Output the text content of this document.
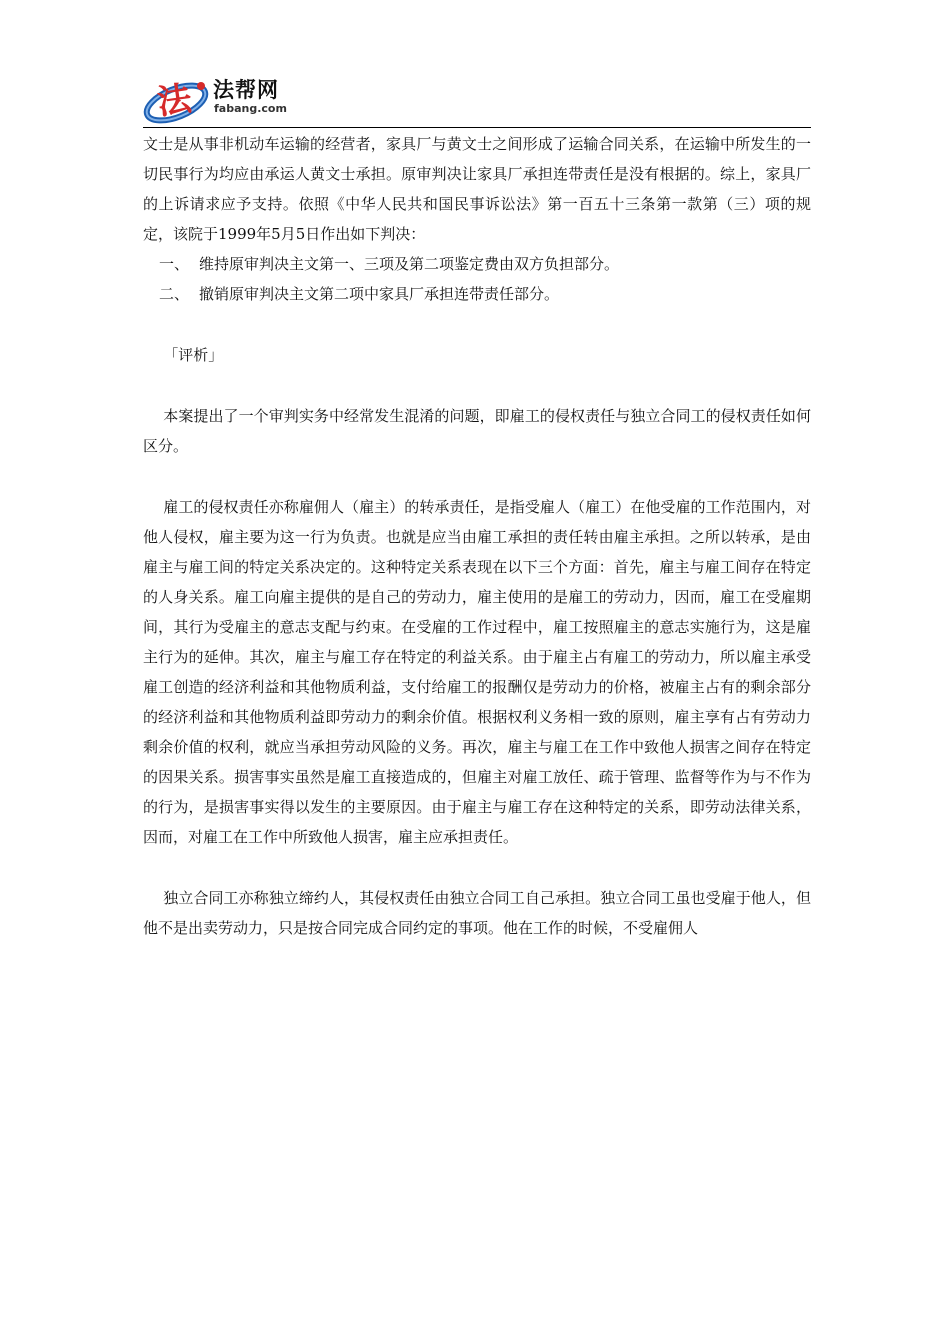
法 法帮网
fabang.com

文士是从事非机动车运输的经营者，家具厂与黄文士之间形成了运输合同关系，在运输中所发生的一切民事行为均应由承运人黄文士承担。原审判决让家具厂承担连带责任是没有根据的。综上，家具厂的上诉请求应予支持。依照《中华人民共和国民事诉讼法》第一百五十三条第一款第（三）项的规定，该院于1999年5月5日作出如下判决：

一、 维持原审判决主文第一、三项及第二项鉴定费由双方负担部分。

二、 撤销原审判决主文第二项中家具厂承担连带责任部分。

「评析」

本案提出了一个审判实务中经常发生混淆的问题，即雇工的侵权责任与独立合同工的侵权责任如何区分。

雇工的侵权责任亦称雇佣人（雇主）的转承责任，是指受雇人（雇工）在他受雇的工作范围内，对他人侵权，雇主要为这一行为负责。也就是应当由雇工承担的责任转由雇主承担。之所以转承，是由雇主与雇工间的特定关系决定的。这种特定关系表现在以下三个方面：首先，雇主与雇工间存在特定的人身关系。雇工向雇主提供的是自己的劳动力，雇主使用的是雇工的劳动力，因而，雇工在受雇期间，其行为受雇主的意志支配与约束。在受雇的工作过程中，雇工按照雇主的意志实施行为，这是雇主行为的延伸。其次，雇主与雇工存在特定的利益关系。由于雇主占有雇工的劳动力，所以雇主承受雇工创造的经济利益和其他物质利益，支付给雇工的报酬仅是劳动力的价格，被雇主占有的剩余部分的经济利益和其他物质利益即劳动力的剩余价值。根据权利义务相一致的原则，雇主享有占有劳动力剩余价值的权利，就应当承担劳动风险的义务。再次，雇主与雇工在工作中致他人损害之间存在特定的因果关系。损害事实虽然是雇工直接造成的，但雇主对雇工放任、疏于管理、监督等作为与不作为的行为，是损害事实得以发生的主要原因。由于雇主与雇工存在这种特定的关系，即劳动法律关系，因而，对雇工在工作中所致他人损害，雇主应承担责任。

独立合同工亦称独立缔约人，其侵权责任由独立合同工自己承担。独立合同工虽也受雇于他人，但他不是出卖劳动力，只是按合同完成合同约定的事项。他在工作的时候，不受雇佣人
